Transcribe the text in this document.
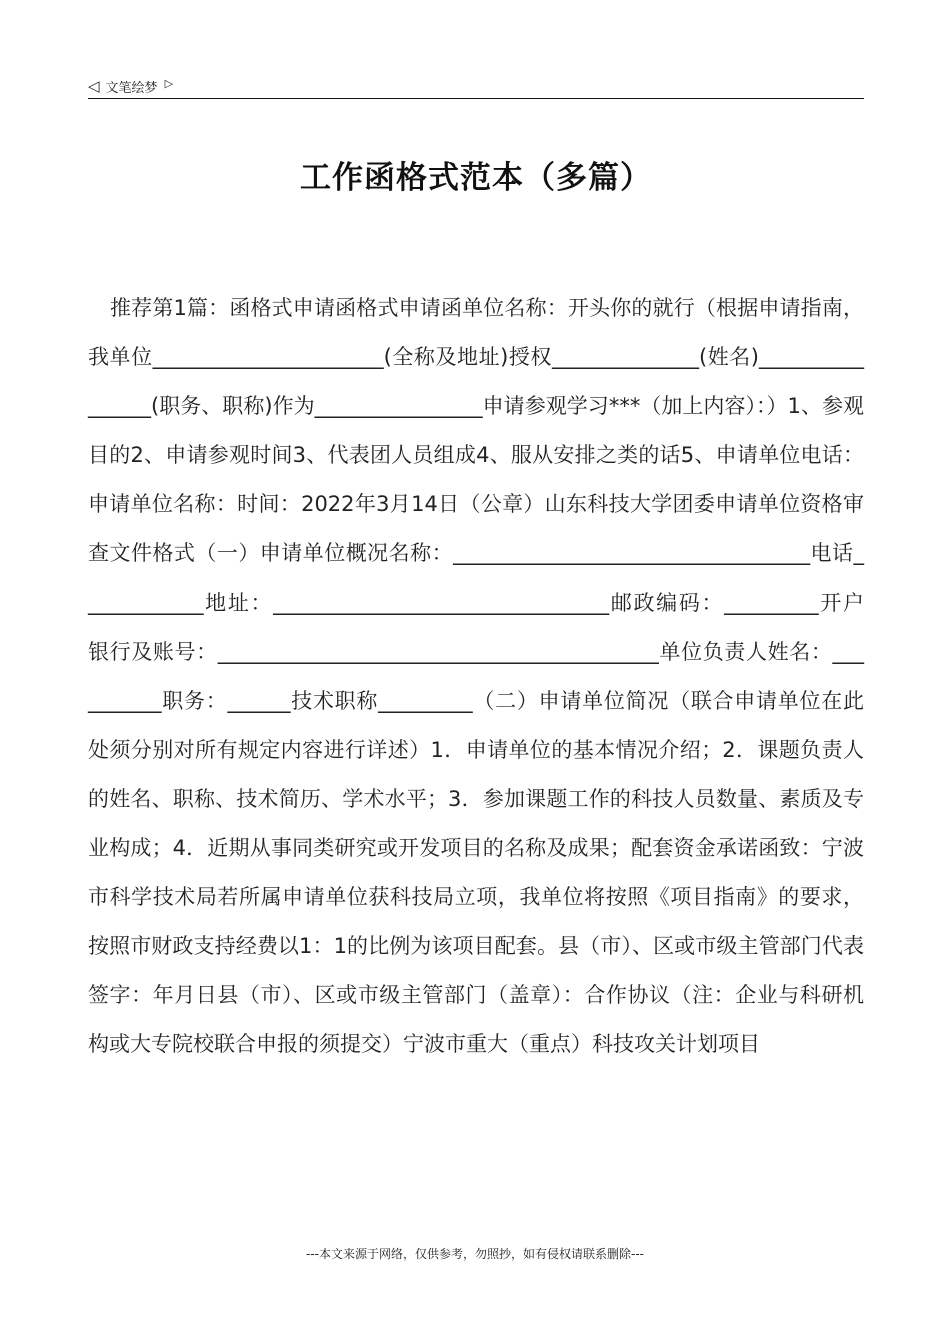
◁ 文笔绘梦 ▷
工作函格式范本（多篇）

推荐第1篇：函格式申请函格式申请函单位名称：开头你的就行（根据申请指南，我单位______________________(全称及地址)授权______________(姓名)________________(职务、职称)作为________________申请参观学习***（加上内容）：）1、参观目的2、申请参观时间3、代表团人员组成4、服从安排之类的话5、申请单位电话：申请单位名称：时间：2022年3月14日（公章）山东科技大学团委申请单位资格审查文件格式（一）申请单位概况名称：__________________________________电话____________地址：________________________________邮政编码：_________开户银行及账号：__________________________________________单位负责人姓名：__________职务：______技术职称_________（二）申请单位简况（联合申请单位在此处须分别对所有规定内容进行详述）1．申请单位的基本情况介绍；2．课题负责人的姓名、职称、技术简历、学术水平；3．参加课题工作的科技人员数量、素质及专业构成；4．近期从事同类研究或开发项目的名称及成果；配套资金承诺函致：宁波市科学技术局若所属申请单位获科技局立项，我单位将按照《项目指南》的要求，按照市财政支持经费以1：1的比例为该项目配套。县（市）、区或市级主管部门代表签字：年月日县（市）、区或市级主管部门（盖章）：合作协议（注：企业与科研机构或大专院校联合申报的须提交）宁波市重大（重点）科技攻关计划项目

---本文来源于网络，仅供参考，勿照抄，如有侵权请联系删除---
